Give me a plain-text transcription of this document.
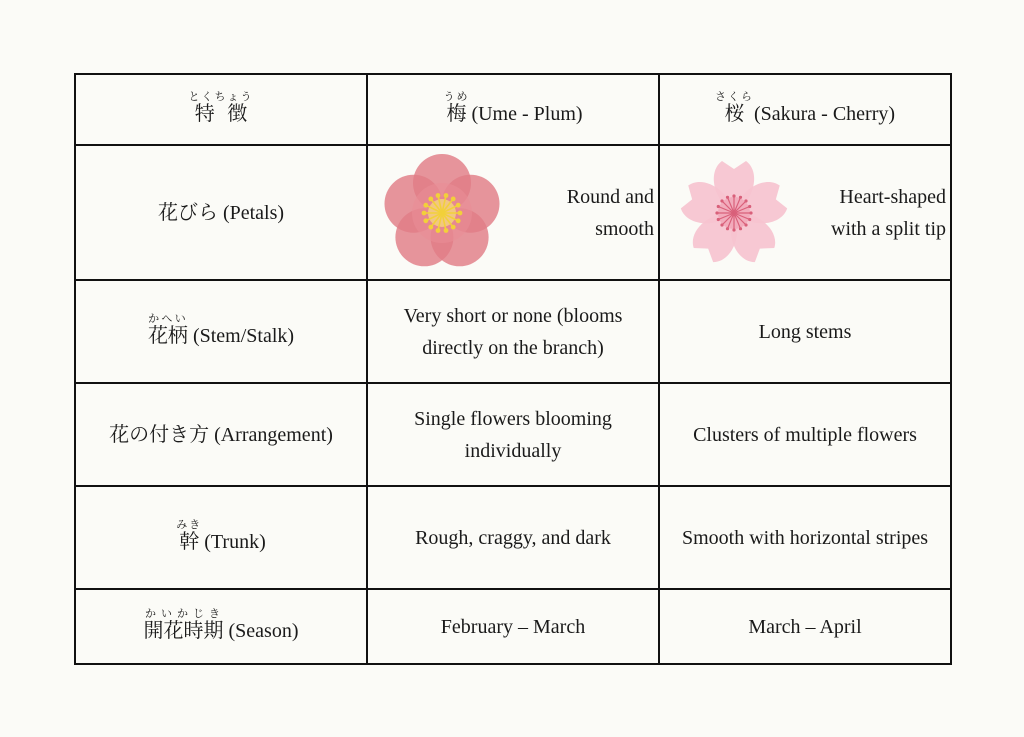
特徴とくちょう	梅うめ (Ume - Plum)	桜さくら (Sakura - Cherry)
花びら (Petals)	Round and smooth	Heart-shaped with a split tip

花柄かへい (Stem/Stalk)	Very short or none (blooms directly on the branch)	Long stems
花の付き方 (Arrangement)	Single flowers blooming individually	Clusters of multiple flowers
幹みき (Trunk)	Rough, craggy, and dark	Smooth with horizontal stripes
開花時期かいかじき (Season)	February – March	March – April
